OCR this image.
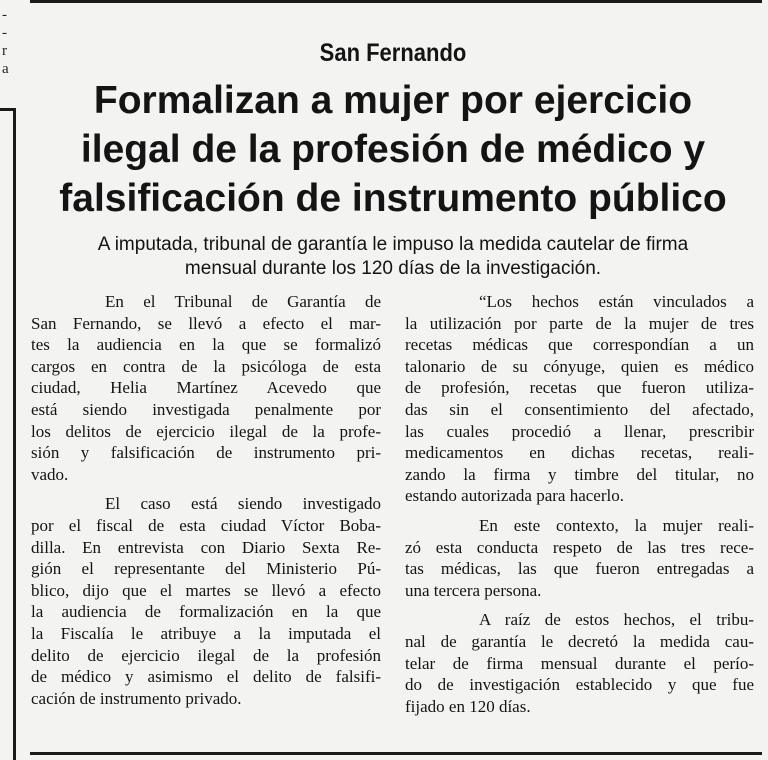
-
-
r
a
San Fernando
Formalizan a mujer por ejercicio
ilegal de la profesión de médico y
falsificación de instrumento público
A imputada, tribunal de garantía le impuso la medida cautelar de firma
mensual durante los 120 días de la investigación.
En el Tribunal de Garantía de
San Fernando, se llevó a efecto el mar-
tes la audiencia en la que se formalizó
cargos en contra de la psicóloga de esta
ciudad, Helia Martínez Acevedo que
está siendo investigada penalmente por
los delitos de ejercicio ilegal de la profe-
sión y falsificación de instrumento pri-
vado.
El caso está siendo investigado
por el fiscal de esta ciudad Víctor Boba-
dilla. En entrevista con Diario Sexta Re-
gión el representante del Ministerio Pú-
blico, dijo que el martes se llevó a efecto
la audiencia de formalización en la que
la Fiscalía le atribuye a la imputada el
delito de ejercicio ilegal de la profesión
de médico y asimismo el delito de falsifi-
cación de instrumento privado.
“Los hechos están vinculados a
la utilización por parte de la mujer de tres
recetas médicas que correspondían a un
talonario de su cónyuge, quien es médico
de profesión, recetas que fueron utiliza-
das sin el consentimiento del afectado,
las cuales procedió a llenar, prescribir
medicamentos en dichas recetas, reali-
zando la firma y timbre del titular, no
estando autorizada para hacerlo.
En este contexto, la mujer reali-
zó esta conducta respeto de las tres rece-
tas médicas, las que fueron entregadas a
una tercera persona.
A raíz de estos hechos, el tribu-
nal de garantía le decretó la medida cau-
telar de firma mensual durante el perío-
do de investigación establecido y que fue
fijado en 120 días.
